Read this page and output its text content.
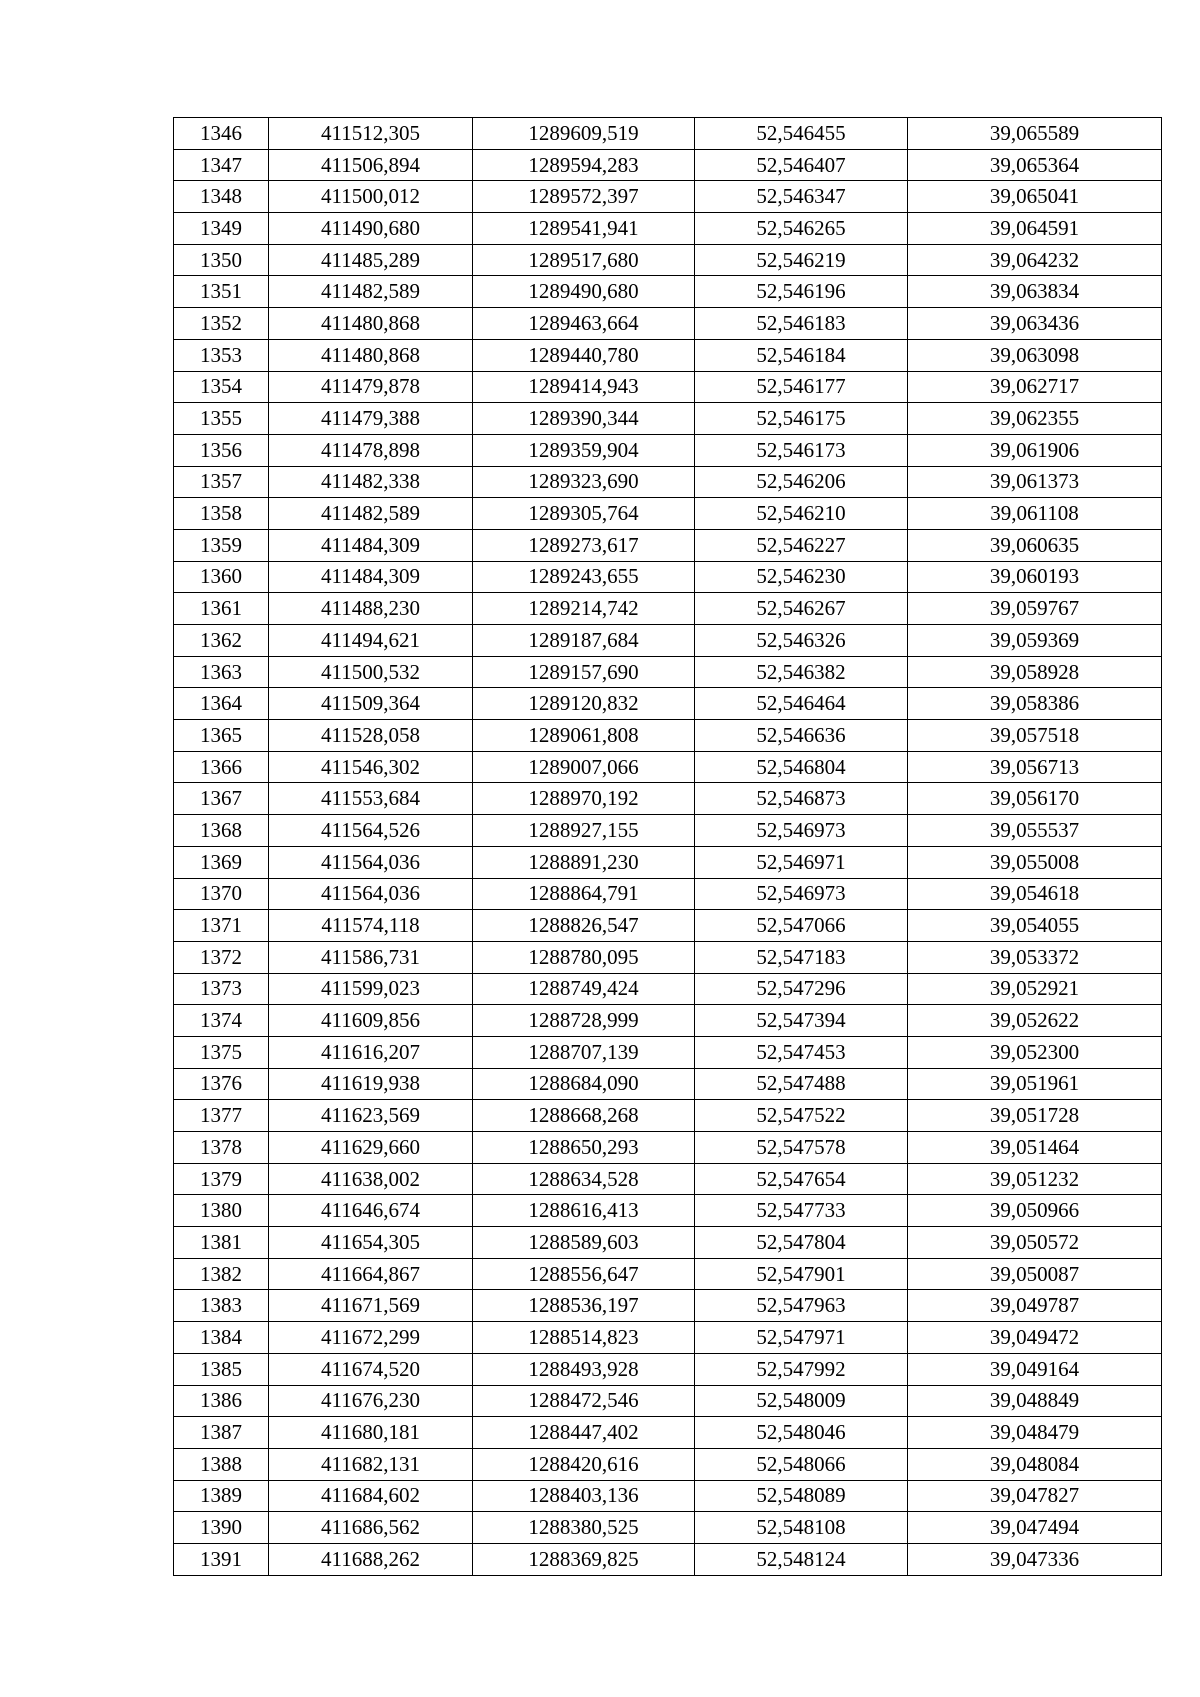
1346	411512,305	1289609,519	52,546455	39,065589
1347	411506,894	1289594,283	52,546407	39,065364
1348	411500,012	1289572,397	52,546347	39,065041
1349	411490,680	1289541,941	52,546265	39,064591
1350	411485,289	1289517,680	52,546219	39,064232
1351	411482,589	1289490,680	52,546196	39,063834
1352	411480,868	1289463,664	52,546183	39,063436
1353	411480,868	1289440,780	52,546184	39,063098
1354	411479,878	1289414,943	52,546177	39,062717
1355	411479,388	1289390,344	52,546175	39,062355
1356	411478,898	1289359,904	52,546173	39,061906
1357	411482,338	1289323,690	52,546206	39,061373
1358	411482,589	1289305,764	52,546210	39,061108
1359	411484,309	1289273,617	52,546227	39,060635
1360	411484,309	1289243,655	52,546230	39,060193
1361	411488,230	1289214,742	52,546267	39,059767
1362	411494,621	1289187,684	52,546326	39,059369
1363	411500,532	1289157,690	52,546382	39,058928
1364	411509,364	1289120,832	52,546464	39,058386
1365	411528,058	1289061,808	52,546636	39,057518
1366	411546,302	1289007,066	52,546804	39,056713
1367	411553,684	1288970,192	52,546873	39,056170
1368	411564,526	1288927,155	52,546973	39,055537
1369	411564,036	1288891,230	52,546971	39,055008
1370	411564,036	1288864,791	52,546973	39,054618
1371	411574,118	1288826,547	52,547066	39,054055
1372	411586,731	1288780,095	52,547183	39,053372
1373	411599,023	1288749,424	52,547296	39,052921
1374	411609,856	1288728,999	52,547394	39,052622
1375	411616,207	1288707,139	52,547453	39,052300
1376	411619,938	1288684,090	52,547488	39,051961
1377	411623,569	1288668,268	52,547522	39,051728
1378	411629,660	1288650,293	52,547578	39,051464
1379	411638,002	1288634,528	52,547654	39,051232
1380	411646,674	1288616,413	52,547733	39,050966
1381	411654,305	1288589,603	52,547804	39,050572
1382	411664,867	1288556,647	52,547901	39,050087
1383	411671,569	1288536,197	52,547963	39,049787
1384	411672,299	1288514,823	52,547971	39,049472
1385	411674,520	1288493,928	52,547992	39,049164
1386	411676,230	1288472,546	52,548009	39,048849
1387	411680,181	1288447,402	52,548046	39,048479
1388	411682,131	1288420,616	52,548066	39,048084
1389	411684,602	1288403,136	52,548089	39,047827
1390	411686,562	1288380,525	52,548108	39,047494
1391	411688,262	1288369,825	52,548124	39,047336
